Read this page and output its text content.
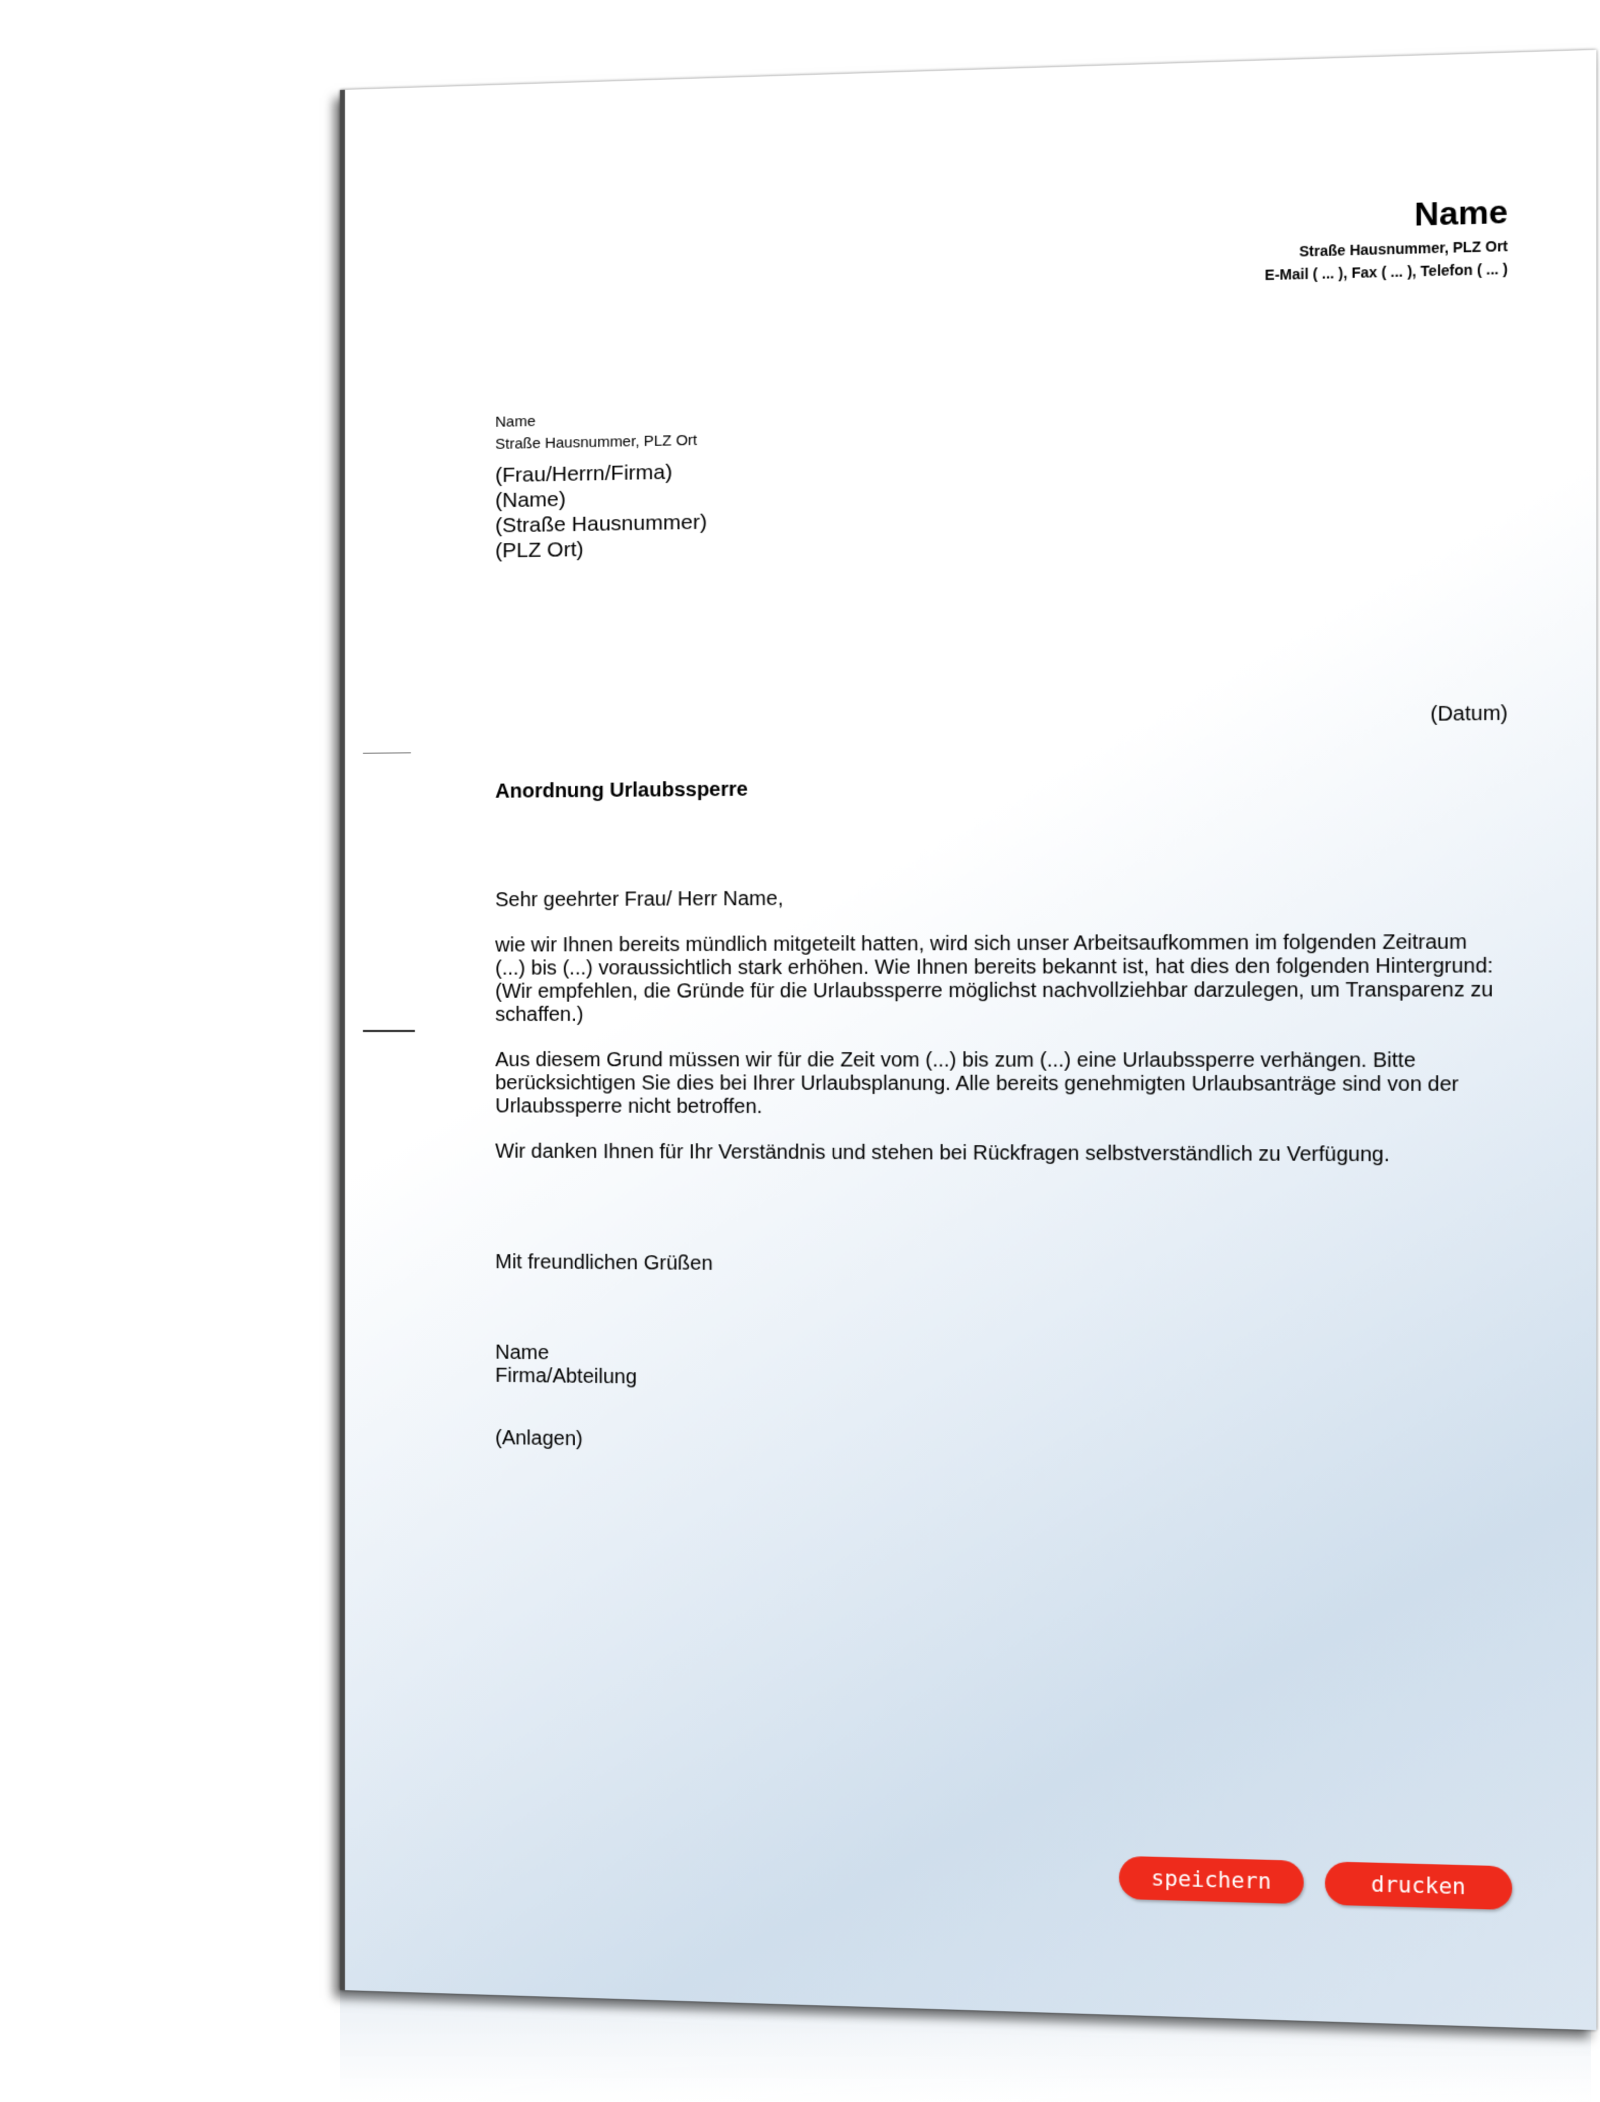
Name
Straße Hausnummer, PLZ Ort
E-Mail ( ... ), Fax ( ... ), Telefon ( ... )
Name
Straße Hausnummer, PLZ Ort
(Frau/Herrn/Firma)
(Name)
(Straße Hausnummer)
(PLZ Ort)
(Datum)
Anordnung Urlaubssperre

Sehr geehrter Frau/ Herr Name,

wie wir Ihnen bereits mündlich mitgeteilt hatten, wird sich unser Arbeitsaufkommen im folgenden Zeitraum (...) bis (...) voraussichtlich stark erhöhen. Wie Ihnen bereits bekannt ist, hat dies den folgenden Hintergrund: (Wir empfehlen, die Gründe für die Urlaubssperre möglichst nachvollziehbar darzulegen, um Transparenz zu schaffen.)

Aus diesem Grund müssen wir für die Zeit vom (...) bis zum (...) eine Urlaubssperre verhängen. Bitte berücksichtigen Sie dies bei Ihrer Urlaubsplanung. Alle bereits genehmigten Urlaubsanträge sind von der Urlaubssperre nicht betroffen.

Wir danken Ihnen für Ihr Verständnis und stehen bei Rückfragen selbstverständlich zu Verfügung.

Mit freundlichen Grüßen
Name
Firma/Abteilung
(Anlagen)
speichern	drucken
